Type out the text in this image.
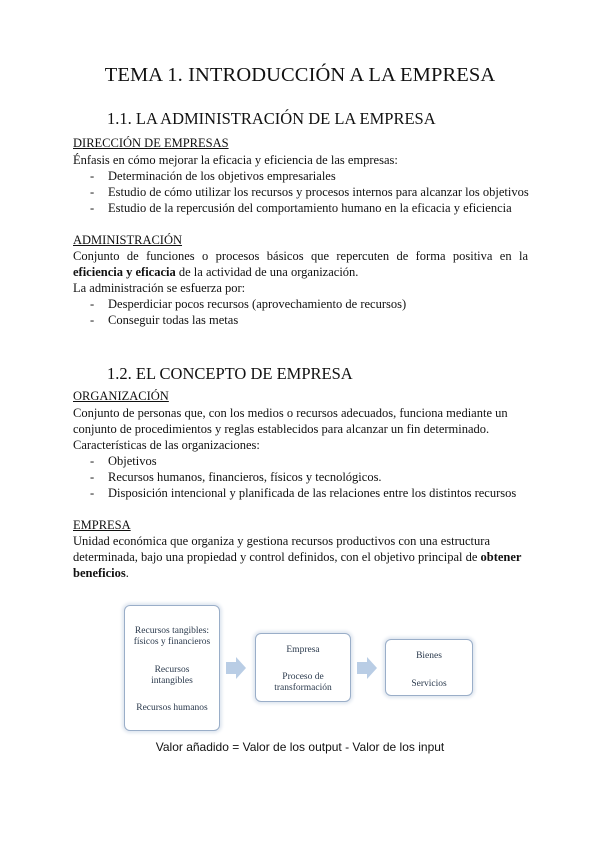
TEMA 1. INTRODUCCIÓN A LA EMPRESA
1.1. LA ADMINISTRACIÓN DE LA EMPRESA
DIRECCIÓN DE EMPRESAS
Énfasis en cómo mejorar la eficacia y eficiencia de las empresas:
- Determinación de los objetivos empresariales
- Estudio de cómo utilizar los recursos y procesos internos para alcanzar los objetivos
- Estudio de la repercusión del comportamiento humano en la eficacia y eficiencia
ADMINISTRACIÓN
Conjunto de funciones o procesos básicos que repercuten de forma positiva en la eficiencia y eficacia de la actividad de una organización.
La administración se esfuerza por:
- Desperdiciar pocos recursos (aprovechamiento de recursos)
- Conseguir todas las metas
1.2. EL CONCEPTO DE EMPRESA
ORGANIZACIÓN
Conjunto de personas que, con los medios o recursos adecuados, funciona mediante un
conjunto de procedimientos y reglas establecidos para alcanzar un fin determinado.
Características de las organizaciones:
- Objetivos
- Recursos humanos, financieros, físicos y tecnológicos.
- Disposición intencional y planificada de las relaciones entre los distintos recursos
EMPRESA
Unidad económica que organiza y gestiona recursos productivos con una estructura
determinada, bajo una propiedad y control definidos, con el objetivo principal de obtener
beneficios.
Recursos tangibles:
físicos y financieros
Recursos
intangibles
Recursos humanos
Empresa
Proceso de
transformación
Bienes
Servicios
Valor añadido = Valor de los output - Valor de los input
